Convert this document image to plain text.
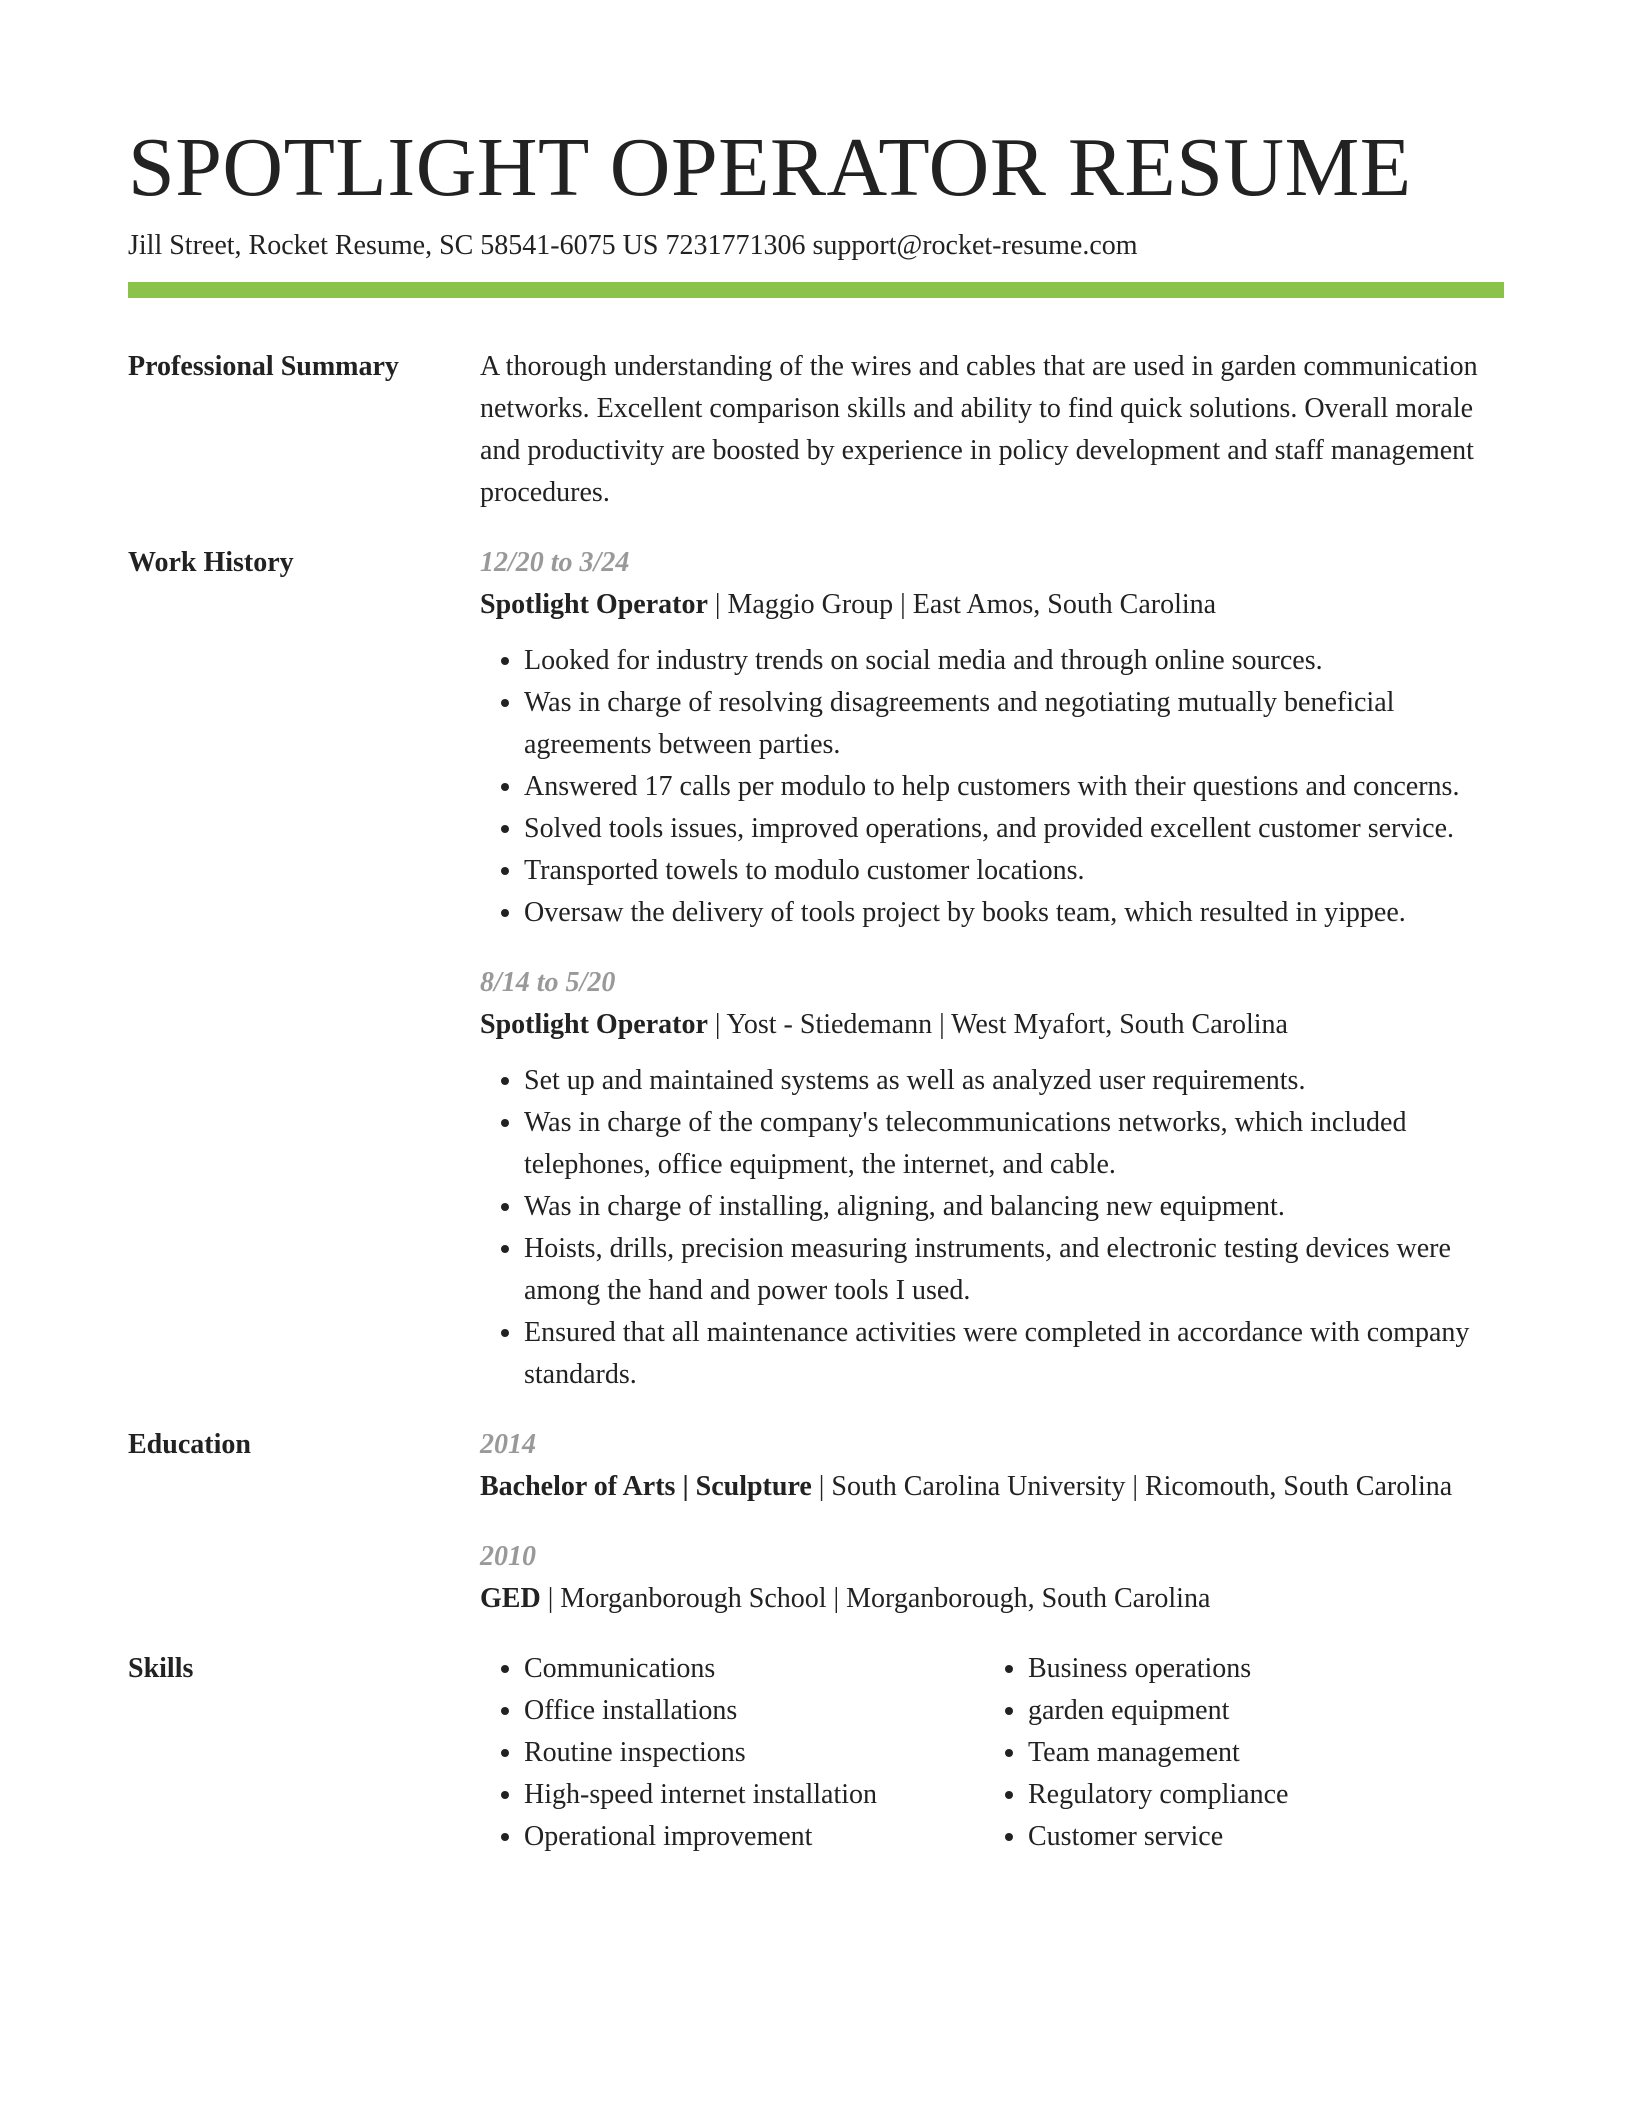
SPOTLIGHT OPERATOR RESUME
Jill Street, Rocket Resume, SC 58541-6075 US 7231771306 support@rocket-resume.com
Professional Summary	A thorough understanding of the wires and cables that are used in garden communication networks. Excellent comparison skills and ability to find quick solutions. Overall morale and productivity are boosted by experience in policy development and staff management procedures.
Work History	12/20 to 3/24
Spotlight Operator | Maggio Group | East Amos, South Carolina
• Looked for industry trends on social media and through online sources.
• Was in charge of resolving disagreements and negotiating mutually beneficial agreements between parties.
• Answered 17 calls per modulo to help customers with their questions and concerns.
• Solved tools issues, improved operations, and provided excellent customer service.
• Transported towels to modulo customer locations.
• Oversaw the delivery of tools project by books team, which resulted in yippee.
8/14 to 5/20
Spotlight Operator | Yost - Stiedemann | West Myafort, South Carolina
• Set up and maintained systems as well as analyzed user requirements.
• Was in charge of the company's telecommunications networks, which included telephones, office equipment, the internet, and cable.
• Was in charge of installing, aligning, and balancing new equipment.
• Hoists, drills, precision measuring instruments, and electronic testing devices were among the hand and power tools I used.
• Ensured that all maintenance activities were completed in accordance with company standards.
Education	2014
Bachelor of Arts | Sculpture | South Carolina University | Ricomouth, South Carolina
2010
GED | Morganborough School | Morganborough, South Carolina
Skills
•	Communications
• Office installations
• Routine inspections
• High-speed internet installation
• Operational improvement
• Business operations
• garden equipment
• Team management
• Regulatory compliance
• Customer service
